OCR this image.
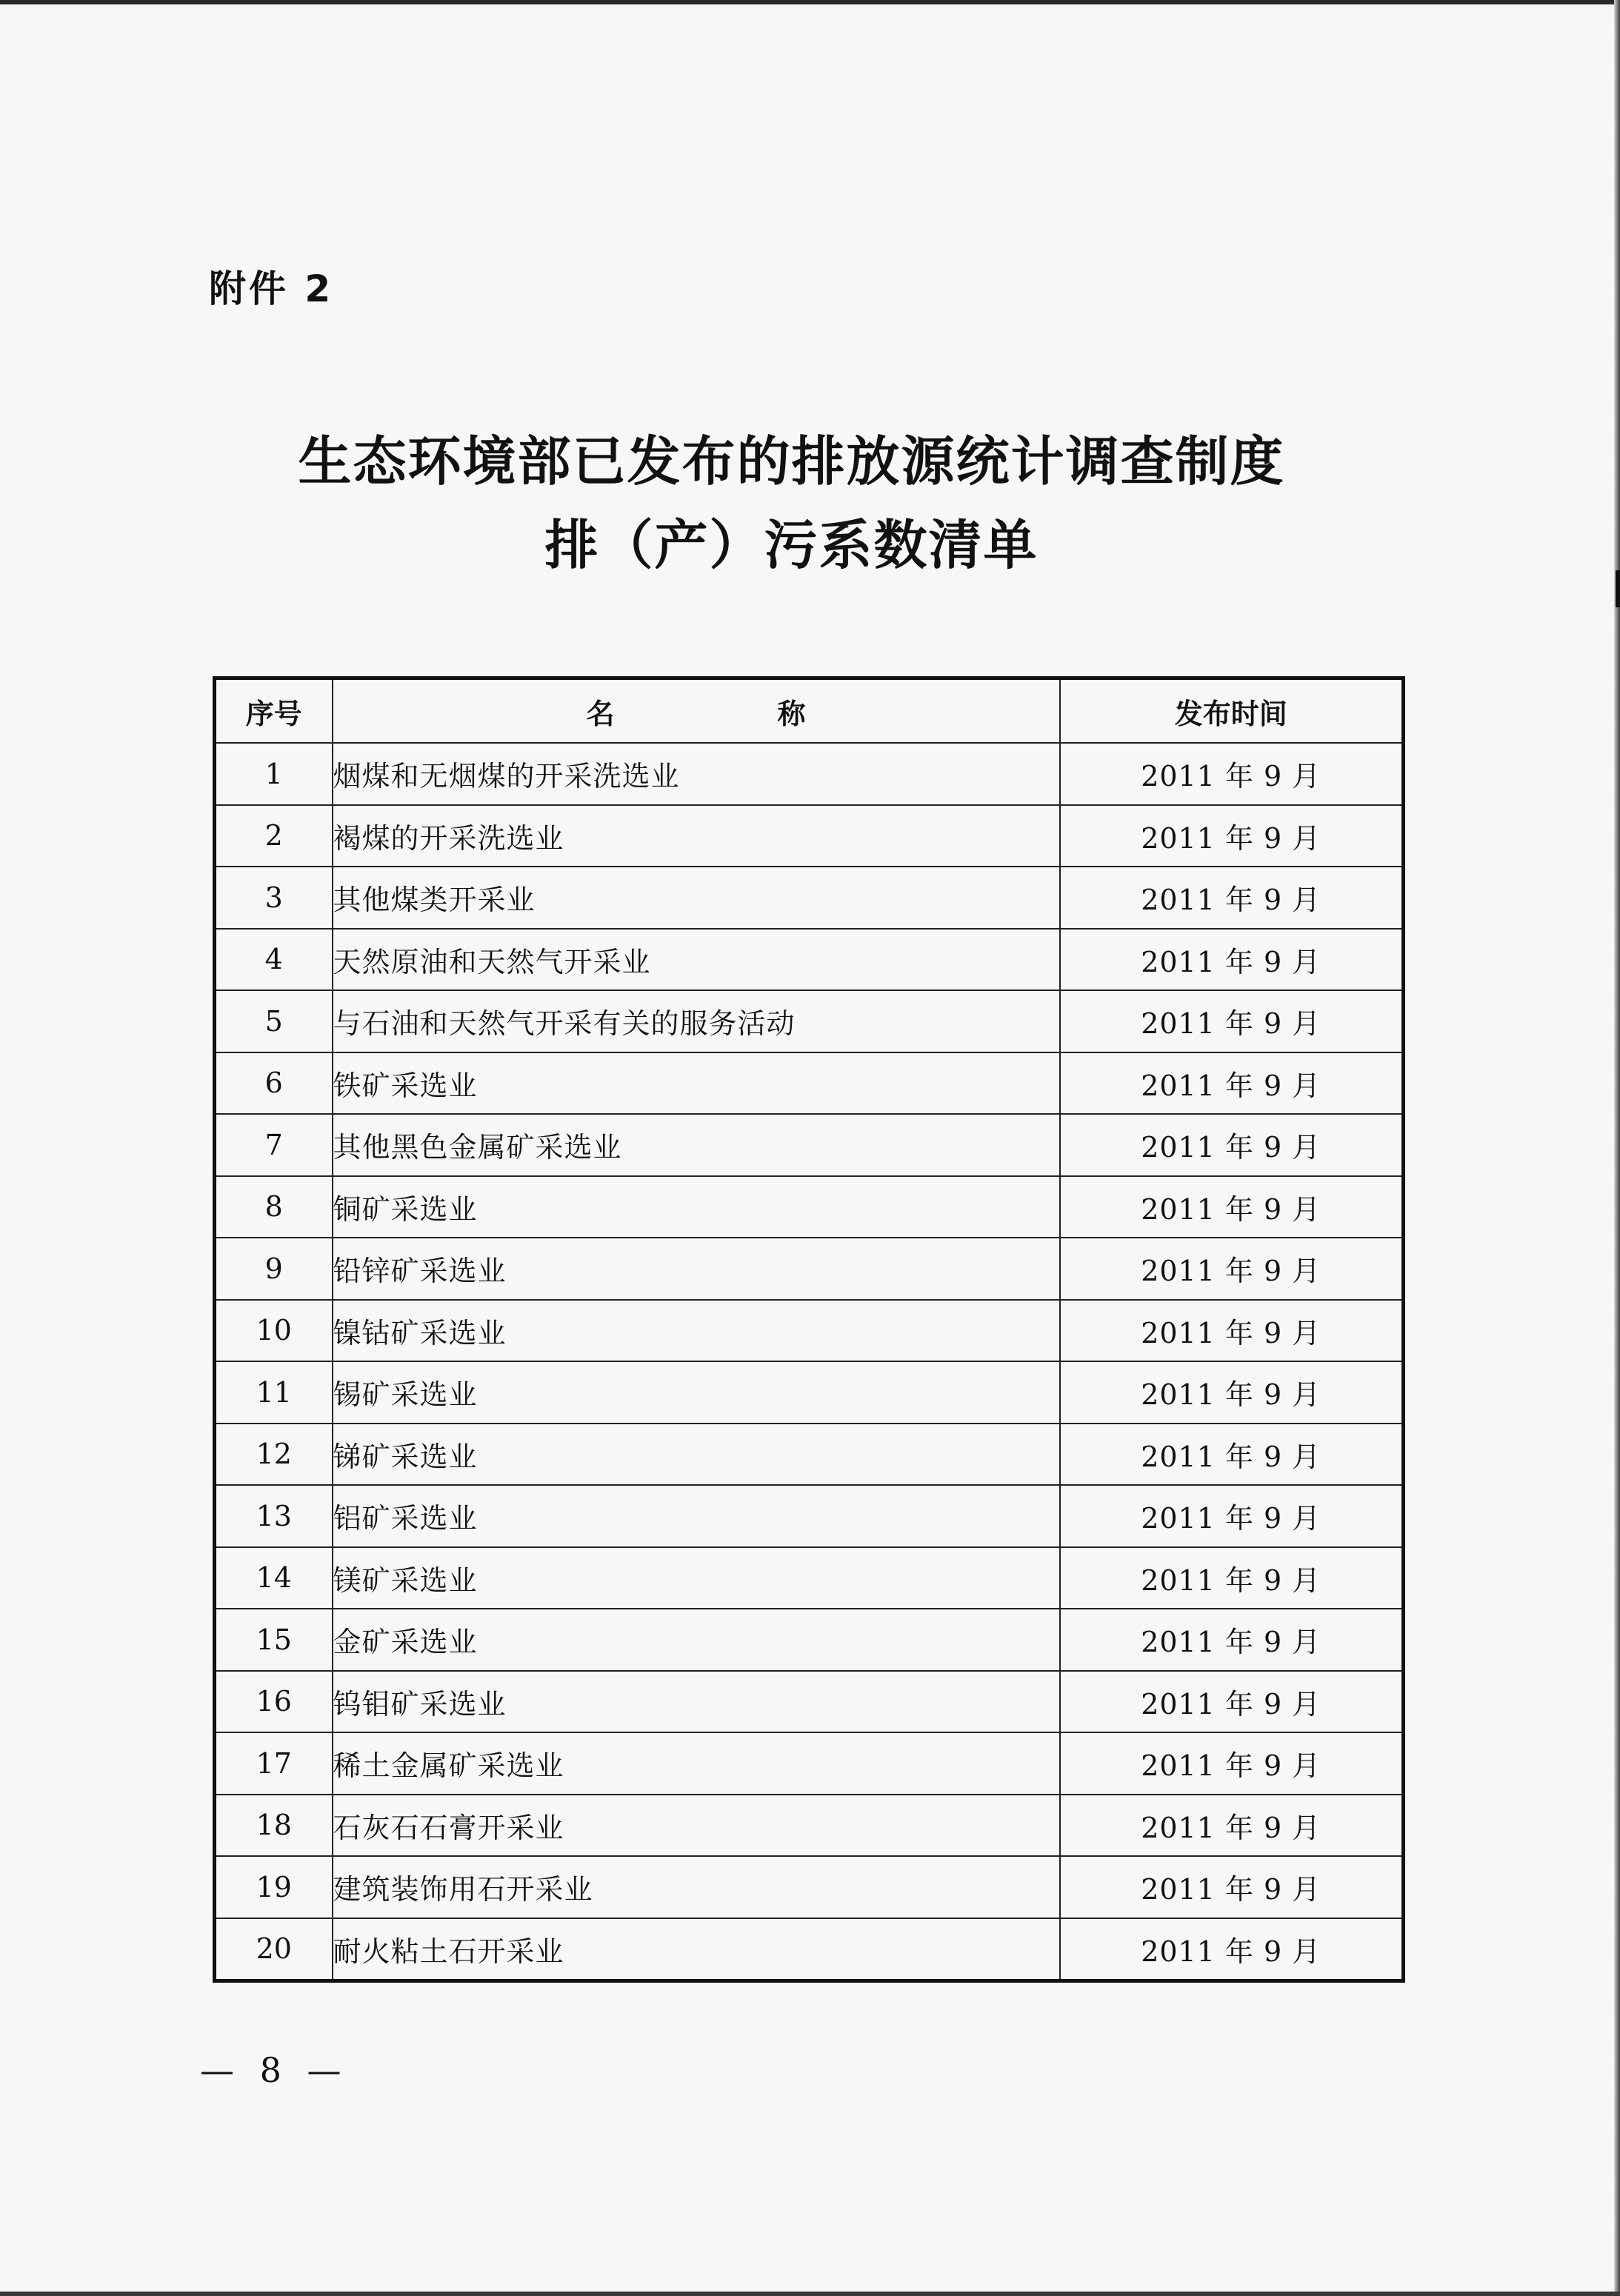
附件 2
生态环境部已发布的排放源统计调查制度
排（产）污系数清单
序号	名称	发布时间
1	烟煤和无烟煤的开采洗选业	2011 年 9 月
2	褐煤的开采洗选业	2011 年 9 月
3	其他煤类开采业	2011 年 9 月
4	天然原油和天然气开采业	2011 年 9 月
5	与石油和天然气开采有关的服务活动	2011 年 9 月
6	铁矿采选业	2011 年 9 月
7	其他黑色金属矿采选业	2011 年 9 月
8	铜矿采选业	2011 年 9 月
9	铅锌矿采选业	2011 年 9 月
10	镍钴矿采选业	2011 年 9 月
11	锡矿采选业	2011 年 9 月
12	锑矿采选业	2011 年 9 月
13	铝矿采选业	2011 年 9 月
14	镁矿采选业	2011 年 9 月
15	金矿采选业	2011 年 9 月
16	钨钼矿采选业	2011 年 9 月
17	稀土金属矿采选业	2011 年 9 月
18	石灰石石膏开采业	2011 年 9 月
19	建筑装饰用石开采业	2011 年 9 月
20	耐火粘土石开采业	2011 年 9 月
— 8 —
